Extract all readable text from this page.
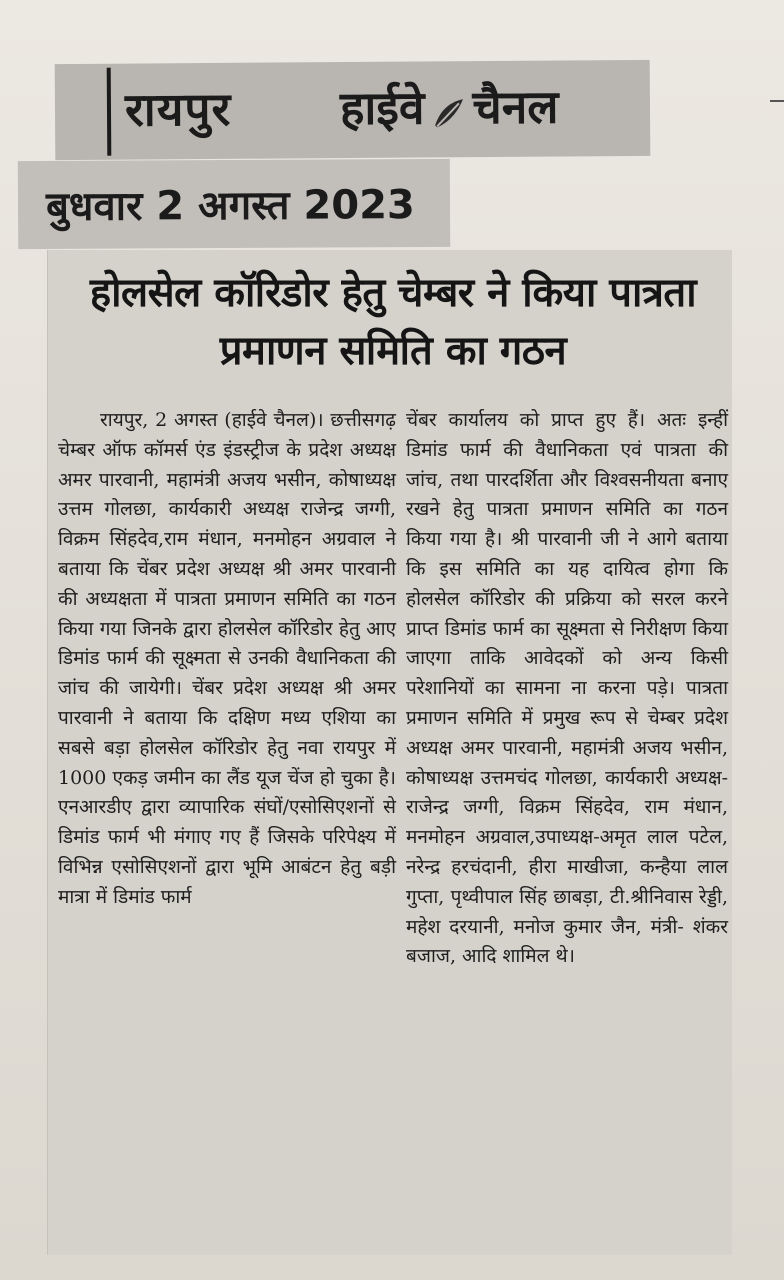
रायपुर हाईवे चैनल
बुधवार 2 अगस्त 2023
होलसेल कॉरिडोर हेतु चेम्बर ने किया पात्रता प्रमाणन समिति का गठन
रायपुर, 2 अगस्त (हाईवे चैनल)। छत्तीसगढ़ चेम्बर ऑफ कॉमर्स एंड इंडस्ट्रीज के प्रदेश अध्यक्ष अमर पारवानी, महामंत्री अजय भसीन, कोषाध्यक्ष उत्तम गोलछा, कार्यकारी अध्यक्ष राजेन्द्र जग्गी, विक्रम सिंहदेव,राम मंधान, मनमोहन अग्रवाल ने बताया कि चेंबर प्रदेश अध्यक्ष श्री अमर पारवानी की अध्यक्षता में पात्रता प्रमाणन समिति का गठन किया गया जिनके द्वारा होलसेल कॉरिडोर हेतु आए डिमांड फार्म की सूक्ष्मता से उनकी वैधानिकता की जांच की जायेगी। चेंबर प्रदेश अध्यक्ष श्री अमर पारवानी ने बताया कि दक्षिण मध्य एशिया का सबसे बड़ा होलसेल कॉरिडोर हेतु नवा रायपुर में 1000 एकड़ जमीन का लैंड यूज चेंज हो चुका है। एनआरडीए द्वारा व्यापारिक संघों/एसोसिएशनों से डिमांड फार्म भी मंगाए गए हैं जिसके परिपेक्ष्य में विभिन्न एसोसिएशनों द्वारा भूमि आबंटन हेतु बड़ी मात्रा में डिमांड फार्म
चेंबर कार्यालय को प्राप्त हुए हैं। अतः इन्हीं डिमांड फार्म की वैधानिकता एवं पात्रता की जांच, तथा पारदर्शिता और विश्वसनीयता बनाए रखने हेतु पात्रता प्रमाणन समिति का गठन किया गया है। श्री पारवानी जी ने आगे बताया कि इस समिति का यह दायित्व होगा कि होलसेल कॉरिडोर की प्रक्रिया को सरल करने प्राप्त डिमांड फार्म का सूक्ष्मता से निरीक्षण किया जाएगा ताकि आवेदकों को अन्य किसी परेशानियों का सामना ना करना पड़े। पात्रता प्रमाणन समिति में प्रमुख रूप से चेम्बर प्रदेश अध्यक्ष अमर पारवानी, महामंत्री अजय भसीन, कोषाध्यक्ष उत्तमचंद गोलछा, कार्यकारी अध्यक्ष- राजेन्द्र जग्गी, विक्रम सिंहदेव, राम मंधान, मनमोहन अग्रवाल,उपाध्यक्ष-अमृत लाल पटेल, नरेन्द्र हरचंदानी, हीरा माखीजा, कन्हैया लाल गुप्ता, पृथ्वीपाल सिंह छाबड़ा, टी.श्रीनिवास रेड्डी, महेश दरयानी, मनोज कुमार जैन, मंत्री- शंकर बजाज, आदि शामिल थे।
